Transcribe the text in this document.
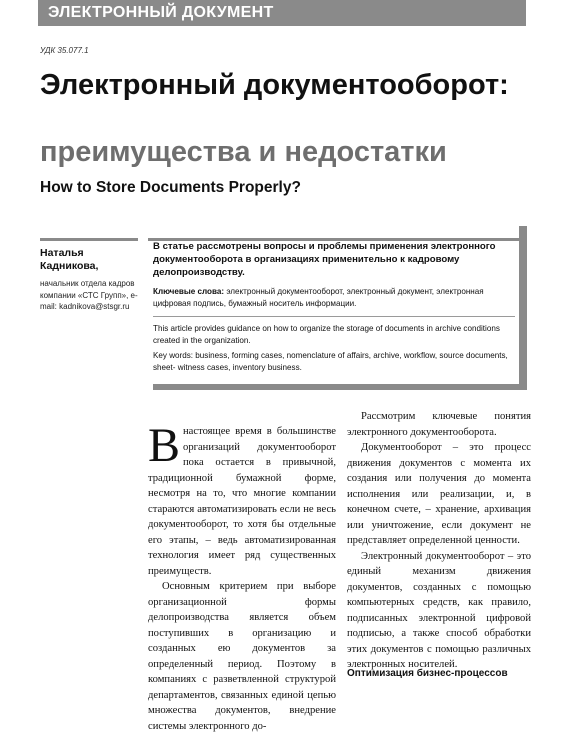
ЭЛЕКТРОННЫЙ ДОКУМЕНТ
УДК 35.077.1
Электронный документооборот:
преимущества и недостатки
How to Store Documents Properly?
Наталья Кадникова,
начальник отдела кадров компании «СТС Групп», e-mail: kadnikova@stsgr.ru
В статье рассмотрены вопросы и проблемы применения электронного документооборота в организациях применительно к кадровому делопроизводству.
Ключевые слова: электронный документооборот, электронный документ, электронная цифровая подпись, бумажный носитель информации.
This article provides guidance on how to organize the storage of documents in archive conditions created in the organization.
Key words: business, forming cases, nomenclature of affairs, archive, workflow, source documents, sheet- witness cases, inventory business.

Внастоящее время в большинстве организаций документооборот пока остается в привычной, традиционной бумажной форме, несмотря на то, что многие компании стараются автоматизировать если не весь документооборот, то хотя бы отдельные его этапы, – ведь автоматизированная технология имеет ряд существенных преимуществ.

Основным критерием при выборе организационной формы делопроизводства является объем поступивших в организацию и созданных ею документов за определенный период. Поэтому в компаниях с разветвленной структурой департаментов, связанных единой цепью множества документов, внедрение системы электронного до-

Рассмотрим ключевые понятия электронного документооборота.

Документооборот – это процесс движения документов с момента их создания или получения до момента исполнения или реализации, и, в конечном счете, – хранение, архивация или уничтожение, если документ не представляет определенной ценности.

Электронный документооборот – это единый механизм движения документов, созданных с помощью компьютерных средств, как правило, подписанных электронной цифровой подписью, а также способ обработки этих документов с помощью различных электронных носителей.

Оптимизация бизнес-процессов
